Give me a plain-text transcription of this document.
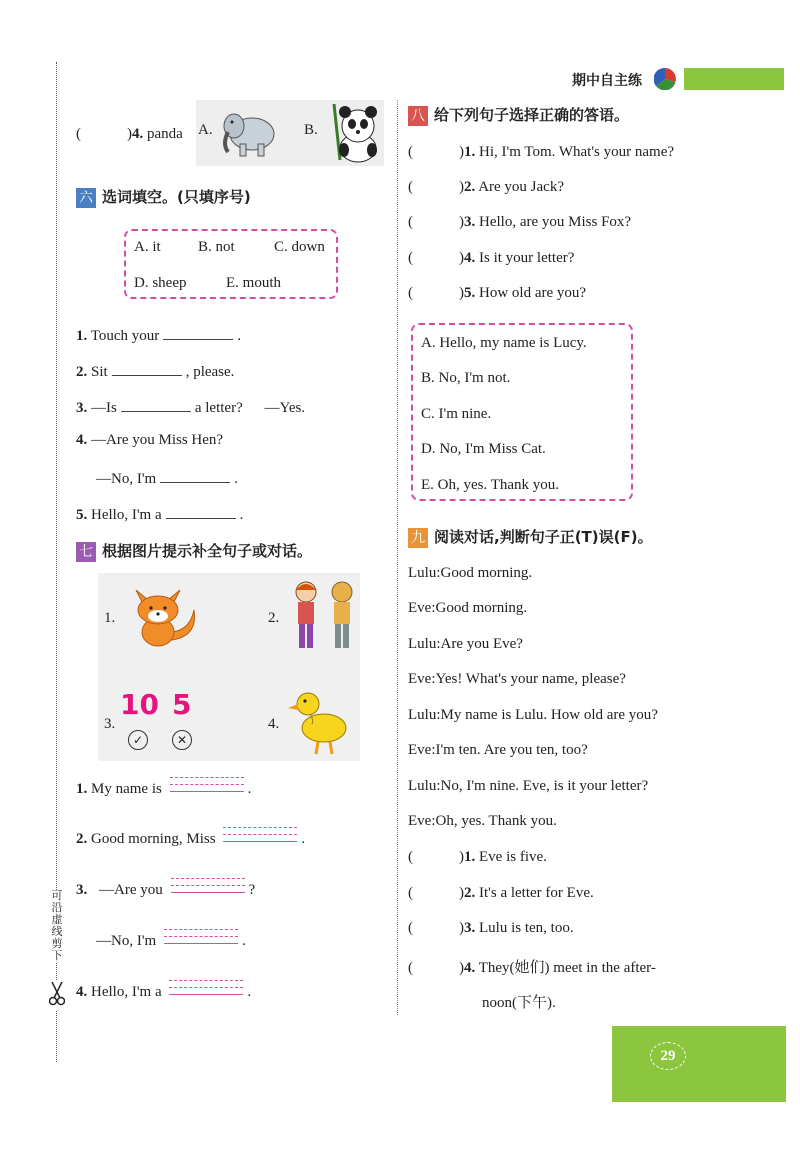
可
沿
虚
线
剪
下
期中自主练
(	)4. panda A.	B.
六 选词填空。(只填序号)
A. it B. not	C. down
D. sheep	E. mouth
1. Touch your	.
2. Sit	, please.
3. —Is	a letter? —Yes.
4. —Are you Miss Hen?
—No, I'm	.
5. Hello, I'm a	.
七 根据图片提示补全句子或对话。
1.	2.
3.
10 5
✓	✕
4.
1. My name is	.
2. Good morning, Miss	.
3. —Are you	?
—No, I'm	.
4. Hello, I'm a	.
八 给下列句子选择正确的答语。
(	)1. Hi, I'm Tom. What's your name?
(	)2. Are you Jack?
(	)3. Hello, are you Miss Fox?
(	)4. Is it your letter?
(	)5. How old are you?
A. Hello, my name is Lucy.
B. No, I'm not.
C. I'm nine.
D. No, I'm Miss Cat.
E. Oh, yes. Thank you.
九 阅读对话,判断句子正(T)误(F)。
Lulu:Good morning.
Eve:Good morning.
Lulu:Are you Eve?
Eve:Yes! What's your name, please?
Lulu:My name is Lulu. How old are you?
Eve:I'm ten. Are you ten, too?
Lulu:No, I'm nine. Eve, is it your letter?
Eve:Oh, yes. Thank you.
(	)1. Eve is five.
(	)2. It's a letter for Eve.
(	)3. Lulu is ten, too.
(	)4. They(她们) meet in the after-
noon(下午).
29
